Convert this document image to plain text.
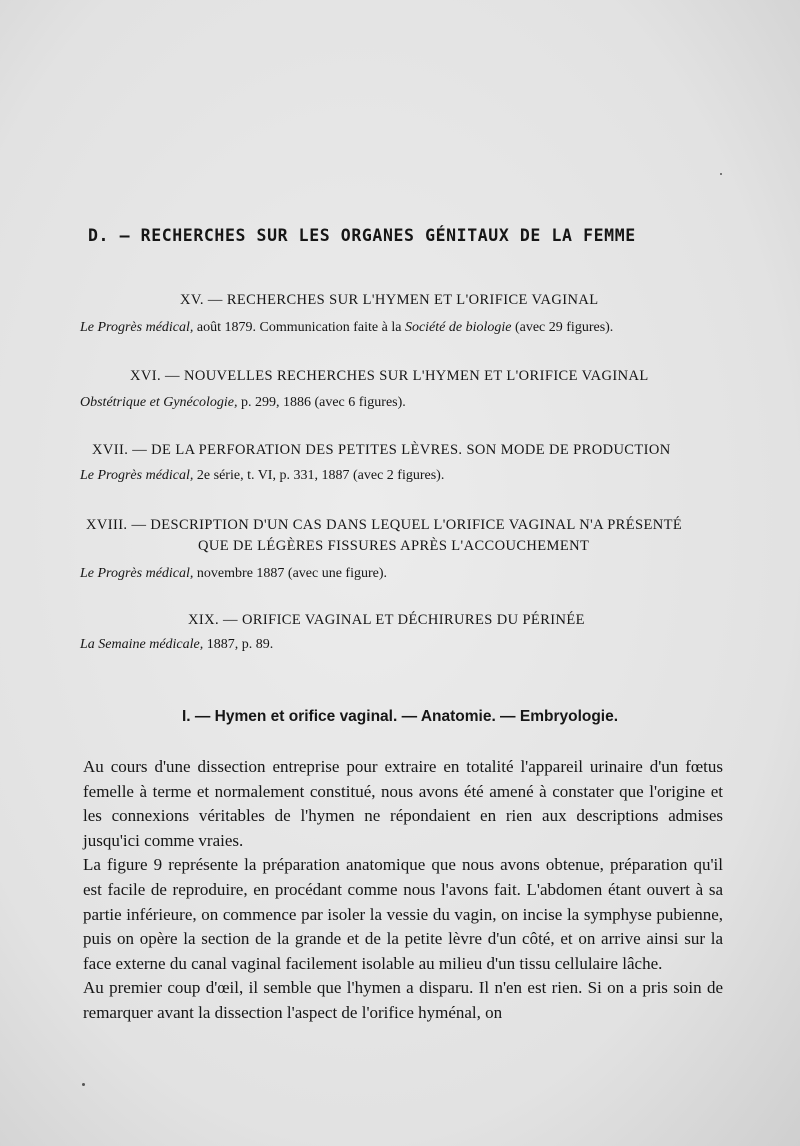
D. — RECHERCHES SUR LES ORGANES GÉNITAUX DE LA FEMME
XV. — RECHERCHES SUR L'HYMEN ET L'ORIFICE VAGINAL
Le Progrès médical, août 1879. Communication faite à la Société de biologie (avec 29 figures).
XVI. — NOUVELLES RECHERCHES SUR L'HYMEN ET L'ORIFICE VAGINAL
Obstétrique et Gynécologie, p. 299, 1886 (avec 6 figures).
XVII. — DE LA PERFORATION DES PETITES LÈVRES. SON MODE DE PRODUCTION
Le Progrès médical, 2e série, t. VI, p. 331, 1887 (avec 2 figures).
XVIII. — DESCRIPTION D'UN CAS DANS LEQUEL L'ORIFICE VAGINAL N'A PRÉSENTÉ
QUE DE LÉGÈRES FISSURES APRÈS L'ACCOUCHEMENT
Le Progrès médical, novembre 1887 (avec une figure).
XIX. — ORIFICE VAGINAL ET DÉCHIRURES DU PÉRINÉE
La Semaine médicale, 1887, p. 89.
I. — Hymen et orifice vaginal. — Anatomie. — Embryologie.

Au cours d'une dissection entreprise pour extraire en totalité l'appareil urinaire d'un fœtus femelle à terme et normalement constitué, nous avons été amené à constater que l'origine et les connexions véritables de l'hymen ne répondaient en rien aux descriptions admises jusqu'ici comme vraies.

La figure 9 représente la préparation anatomique que nous avons obtenue, préparation qu'il est facile de reproduire, en procédant comme nous l'avons fait. L'abdomen étant ouvert à sa partie inférieure, on commence par isoler la vessie du vagin, on incise la symphyse pubienne, puis on opère la section de la grande et de la petite lèvre d'un côté, et on arrive ainsi sur la face externe du canal vaginal facilement isolable au milieu d'un tissu cellulaire lâche.

Au premier coup d'œil, il semble que l'hymen a disparu. Il n'en est rien. Si on a pris soin de remarquer avant la dissection l'aspect de l'orifice hyménal, on
